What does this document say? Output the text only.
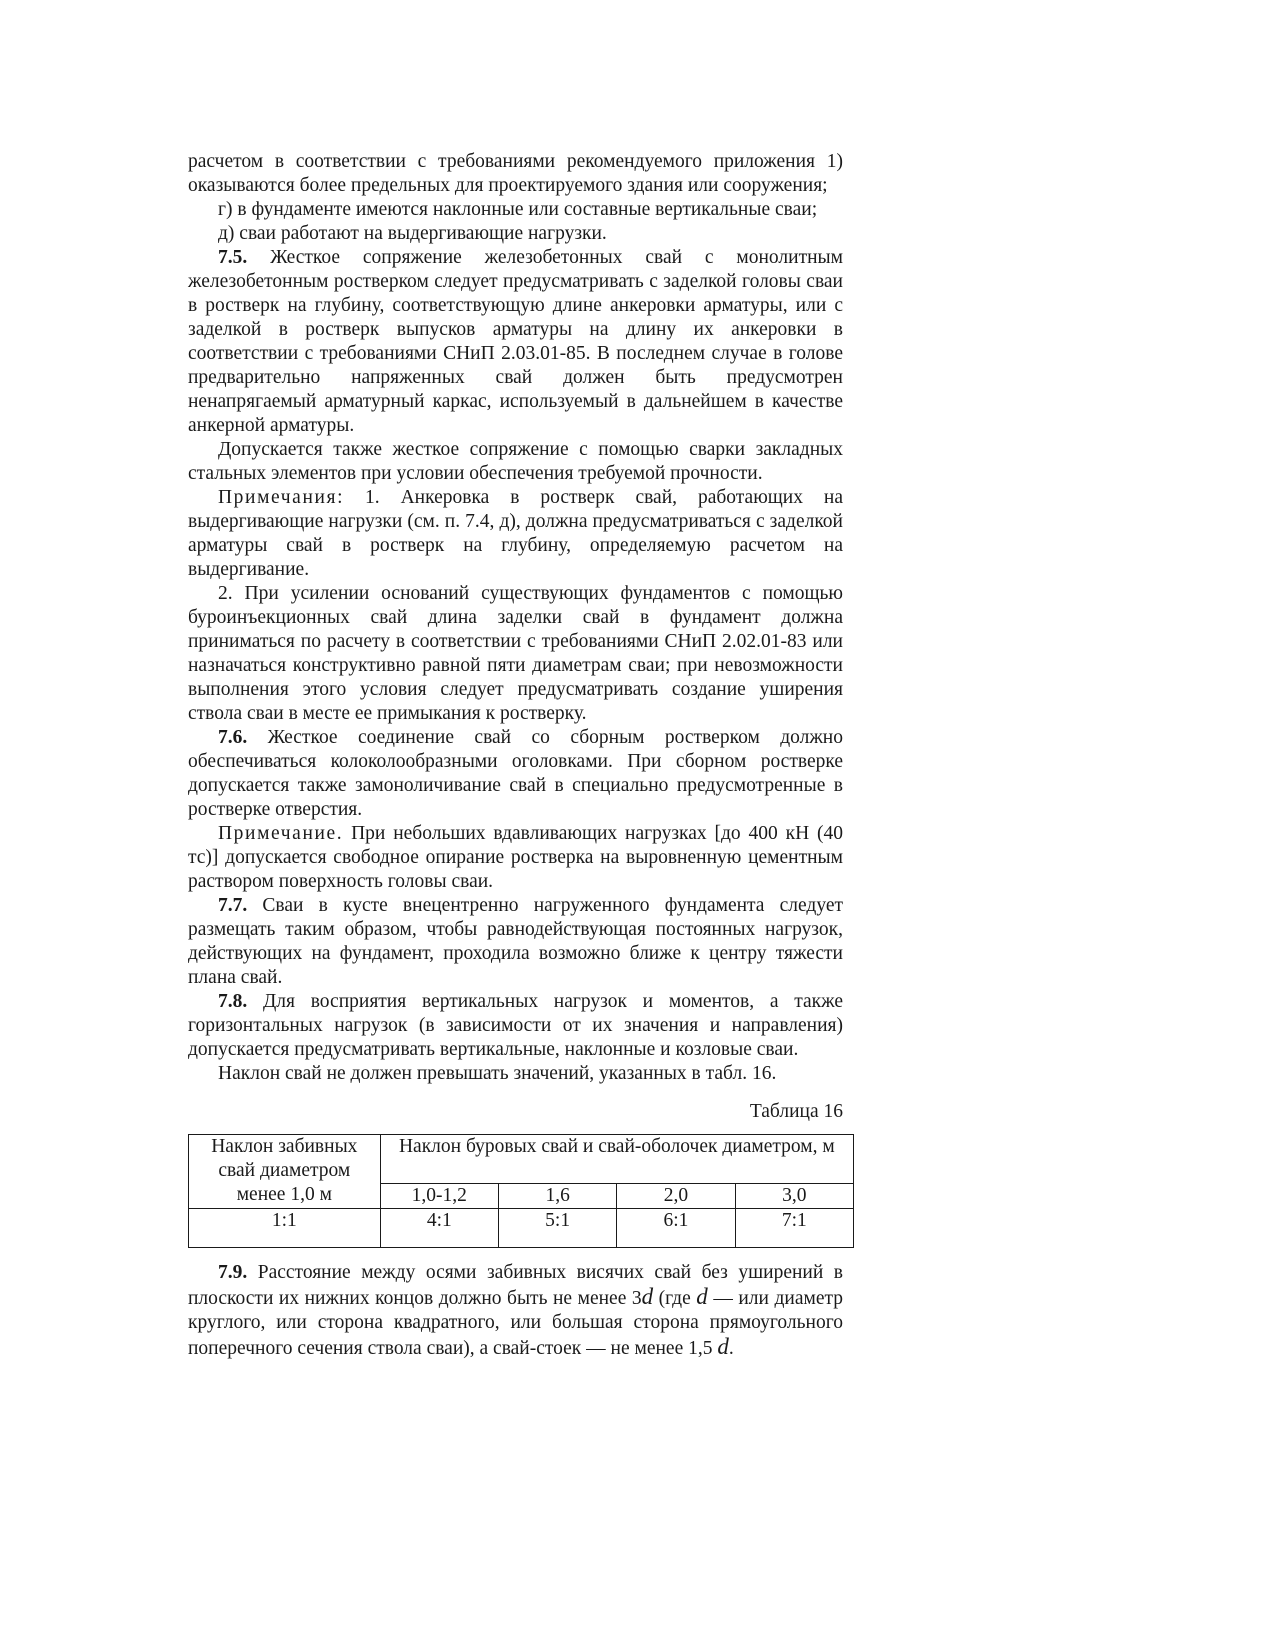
расчетом в соответствии с требованиями рекомендуемого приложения 1) оказываются более предельных для проектируемого здания или сооружения;

г) в фундаменте имеются наклонные или составные вертикальные сваи;

д) сваи работают на выдергивающие нагрузки.

7.5. Жесткое сопряжение железобетонных свай с монолитным железобетонным ростверком следует предусматривать с заделкой головы сваи в ростверк на глубину, соответствующую длине анкеровки арматуры, или с заделкой в ростверк выпусков арматуры на длину их анкеровки в соответствии с требованиями СНиП 2.03.01-85. В последнем случае в голове предварительно напряженных свай должен быть предусмотрен ненапрягаемый арматурный каркас, используемый в дальнейшем в качестве анкерной арматуры.

Допускается также жесткое сопряжение с помощью сварки закладных стальных элементов при условии обеспечения требуемой прочности.

Примечания: 1. Анкеровка в ростверк свай, работающих на выдергивающие нагрузки (см. п. 7.4, д), должна предусматриваться с заделкой арматуры свай в ростверк на глубину, определяемую расчетом на выдергивание.

2. При усилении оснований существующих фундаментов с помощью буроинъекционных свай длина заделки свай в фундамент должна приниматься по расчету в соответствии с требованиями СНиП 2.02.01-83 или назначаться конструктивно равной пяти диаметрам сваи; при невозможности выполнения этого условия следует предусматривать создание уширения ствола сваи в месте ее примыкания к ростверку.

7.6. Жесткое соединение свай со сборным ростверком должно обеспечиваться колоколообразными оголовками. При сборном ростверке допускается также замоноличивание свай в специально предусмотренные в ростверке отверстия.

Примечание. При небольших вдавливающих нагрузках [до 400 кН (40 тс)] допускается свободное опирание ростверка на выровненную цементным раствором поверхность головы сваи.

7.7. Сваи в кусте внецентренно нагруженного фундамента следует размещать таким образом, чтобы равнодействующая постоянных нагрузок, действующих на фундамент, проходила возможно ближе к центру тяжести плана свай.

7.8. Для восприятия вертикальных нагрузок и моментов, а также горизонтальных нагрузок (в зависимости от их значения и направления) допускается предусматривать вертикальные, наклонные и козловые сваи.

Наклон свай не должен превышать значений, указанных в табл. 16.

Таблица 16

Наклон забивных свай диаметром	Наклон буровых свай и свай-оболочек диаметром, м			
менее 1,0 м	1,0-1,2	1,6	2,0	3,0
1:1	4:1	5:1	6:1	7:1

7.9. Расстояние между осями забивных висячих свай без уширений в плоскости их нижних концов должно быть не менее 3d (где d — или диаметр круглого, или сторона квадратного, или большая сторона прямоугольного поперечного сечения ствола сваи), а свай-стоек — не менее 1,5 d.
